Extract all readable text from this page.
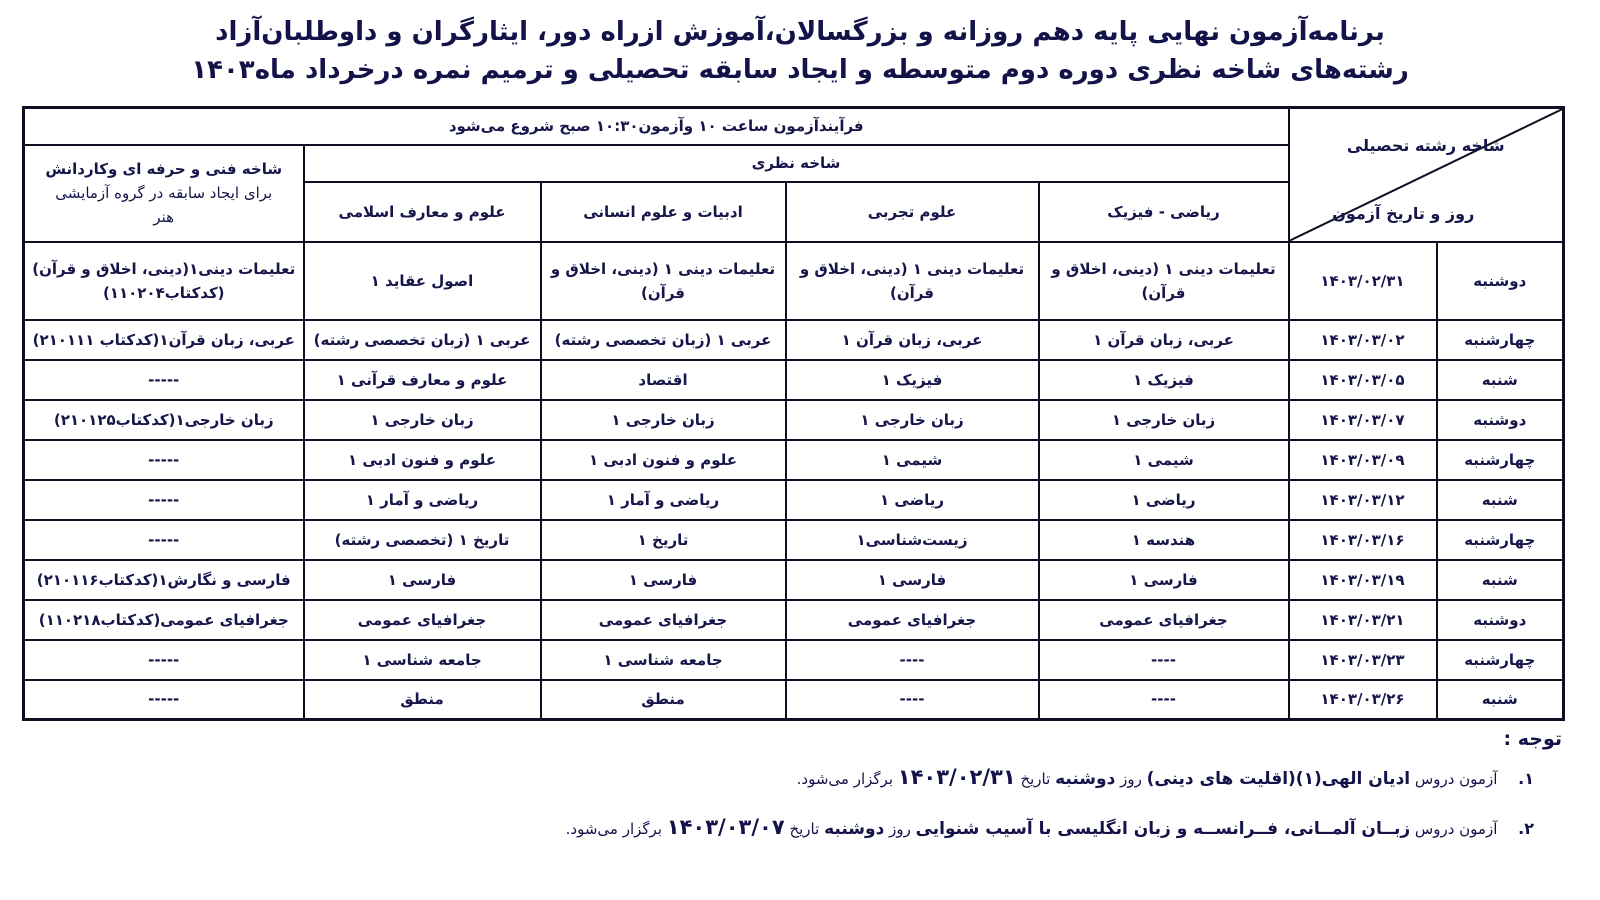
برنامه‌آزمون نهایی پایه دهم روزانه و بزرگسالان،آموزش ازراه دور، ایثارگران و داوطلبان‌آزاد
رشته‌های شاخه نظری دوره دوم متوسطه و ایجاد سابقه تحصیلی و ترمیم نمره درخرداد ماه۱۴۰۳
شاخه رشته تحصیلی
روز و تاریخ آزمون		فرآیندآزمون ساعت ۱۰ وآزمون۱۰:۳۰ صبح شروع می‌شود				
		شاخه نظری				شاخه فنی و حرفه ای وکاردانش
برای ایجاد سابقه در گروه آزمایشی
هنر

		ریاضی - فیزیک	علوم تجربی	ادبیات و علوم انسانی	علوم و معارف اسلامی	
دوشنبه	۱۴۰۳/۰۲/۳۱	تعلیمات دینی ۱ (دینی، اخلاق و قرآن)	تعلیمات دینی ۱ (دینی، اخلاق و قرآن)	تعلیمات دینی ۱ (دینی، اخلاق و قرآن)	اصول عقاید ۱	تعلیمات دینی۱(دینی، اخلاق و قرآن)(کدکتاب۱۱۰۲۰۴)
چهارشنبه	۱۴۰۳/۰۳/۰۲	عربی، زبان قرآن ۱	عربی، زبان قرآن ۱	عربی ۱ (زبان تخصصی رشته)	عربی ۱ (زبان تخصصی رشته)	عربی، زبان قرآن۱(کدکتاب ۲۱۰۱۱۱)
شنبه	۱۴۰۳/۰۳/۰۵	فیزیک ۱	فیزیک ۱	اقتصاد	علوم و معارف قرآنی ۱	-----
دوشنبه	۱۴۰۳/۰۳/۰۷	زبان خارجی ۱	زبان خارجی ۱	زبان خارجی ۱	زبان خارجی ۱	زبان خارجی۱(کدکتاب۲۱۰۱۲۵)
چهارشنبه	۱۴۰۳/۰۳/۰۹	شیمی ۱	شیمی ۱	علوم و فنون ادبی ۱	علوم و فنون ادبی ۱	-----
شنبه	۱۴۰۳/۰۳/۱۲	ریاضی ۱	ریاضی ۱	ریاضی و آمار ۱	ریاضی و آمار ۱	-----
چهارشنبه	۱۴۰۳/۰۳/۱۶	هندسه ۱	زیست‌شناسی۱	تاریخ ۱	تاریخ ۱ (تخصصی رشته)	-----
شنبه	۱۴۰۳/۰۳/۱۹	فارسی ۱	فارسی ۱	فارسی ۱	فارسی ۱	فارسی و نگارش۱(کدکتاب۲۱۰۱۱۶)
دوشنبه	۱۴۰۳/۰۳/۲۱	جغرافیای عمومی	جغرافیای عمومی	جغرافیای عمومی	جغرافیای عمومی	جغرافیای عمومی(کدکتاب۱۱۰۲۱۸)
چهارشنبه	۱۴۰۳/۰۳/۲۳	----	----	جامعه شناسی ۱	جامعه شناسی ۱	-----
شنبه	۱۴۰۳/۰۳/۲۶	----	----	منطق	منطق	-----
توجه :
۱. آزمون دروس ادیان الهی(۱)(اقلیت های دینی) روز دوشنبه تاریخ ۱۴۰۳/۰۲/۳۱ برگزار می‌شود.
۲. آزمون دروس زبــان آلمــانی، فــرانســه و زبان انگلیسی با آسیب شنوایی روز دوشنبه تاریخ ۱۴۰۳/۰۳/۰۷ برگزار می‌شود.
